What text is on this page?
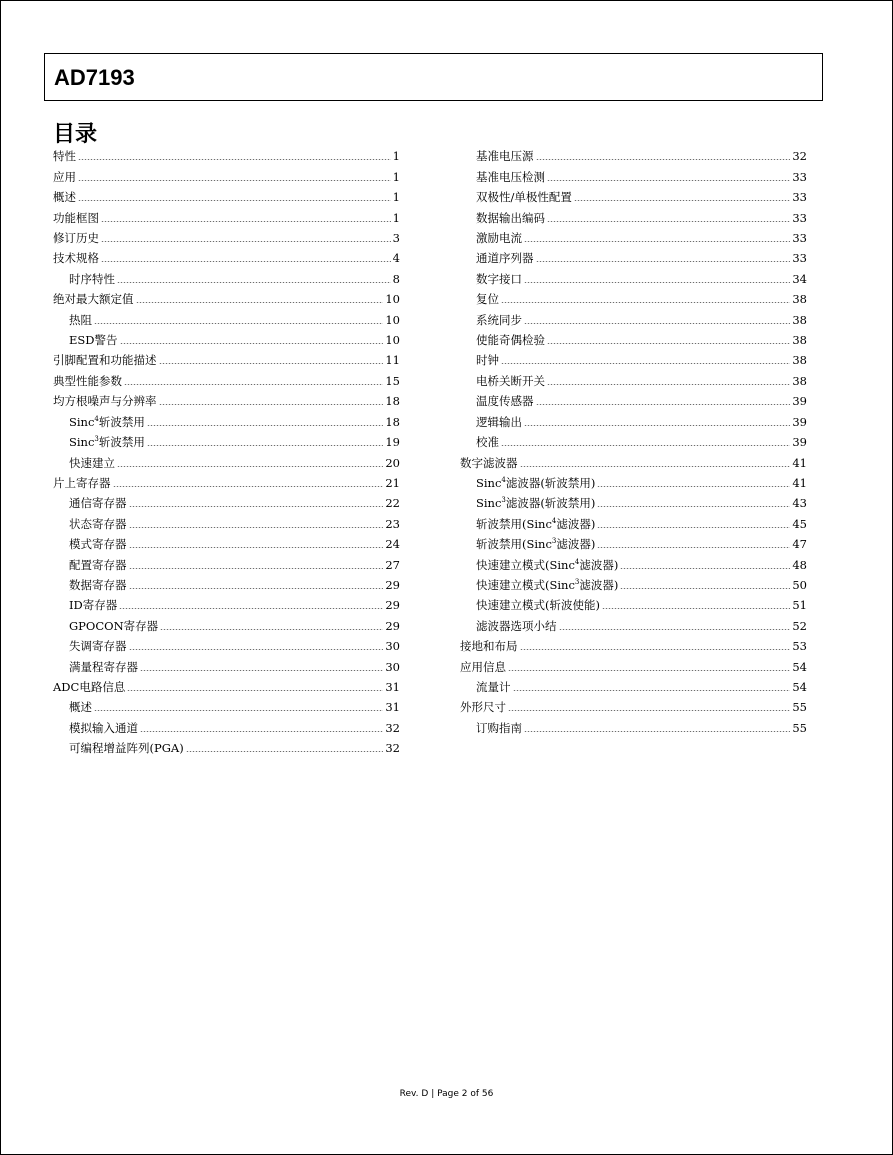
AD7193
目录
特性	1
应用	1
概述	1
功能框图	1
修订历史	3
技术规格	4
时序特性	8
绝对最大额定值	10
热阻	10
ESD警告	10
引脚配置和功能描述	11
典型性能参数	15
均方根噪声与分辨率	18
Sinc$^4$斩波禁用	18
Sinc$^3$斩波禁用	19
快速建立	20
片上寄存器	21
通信寄存器	22
状态寄存器	23
模式寄存器	24
配置寄存器	27
数据寄存器	29
ID寄存器	29
GPOCON寄存器	29
失调寄存器	30
满量程寄存器	30
ADC电路信息	31
概述	31
模拟输入通道	32
可编程增益阵列(PGA)	32
基准电压源	32
基准电压检测	33
双极性/单极性配置	33
数据输出编码	33
激励电流	33
通道序列器	33
数字接口	34
复位	38
系统同步	38
使能奇偶检验	38
时钟	38
电桥关断开关	38
温度传感器	39
逻辑输出	39
校准	39
数字滤波器	41
Sinc$^4$滤波器(斩波禁用)	41
Sinc$^3$滤波器(斩波禁用)	43
斩波禁用(Sinc$^4$滤波器)	45
斩波禁用(Sinc$^3$滤波器)	47
快速建立模式(Sinc$^4$滤波器)	48
快速建立模式(Sinc$^3$滤波器)	50
快速建立模式(斩波使能)	51
滤波器选项小结	52
接地和布局	53
应用信息	54
流量计	54
外形尺寸	55
订购指南	55
Rev. D | Page 2 of 56
